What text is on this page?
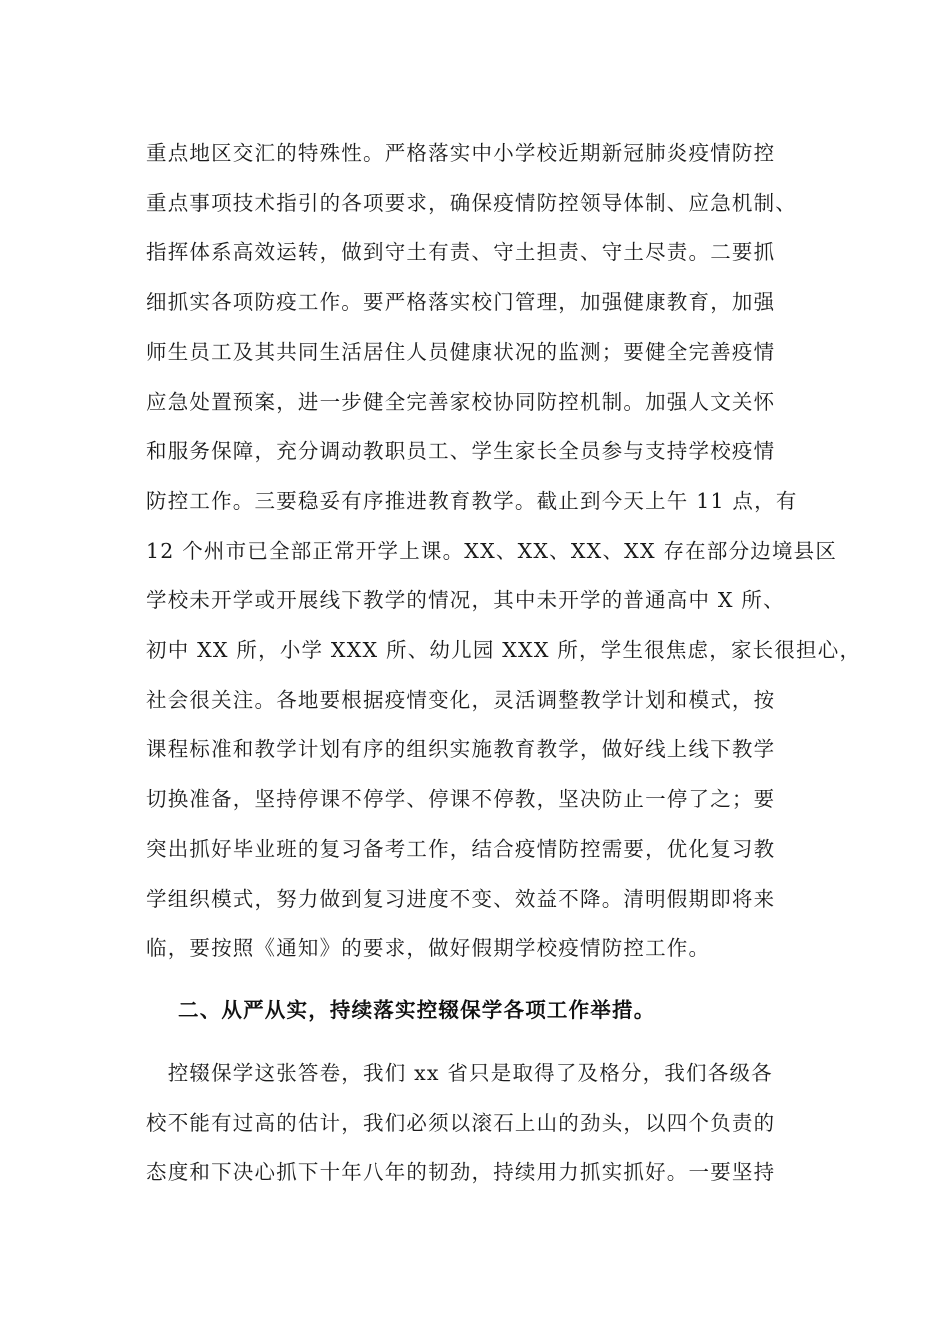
重点地区交汇的特殊性。严格落实中小学校近期新冠肺炎疫情防控
重点事项技术指引的各项要求，确保疫情防控领导体制、应急机制、
指挥体系高效运转，做到守土有责、守土担责、守土尽责。二要抓
细抓实各项防疫工作。要严格落实校门管理，加强健康教育，加强
师生员工及其共同生活居住人员健康状况的监测；要健全完善疫情
应急处置预案，进一步健全完善家校协同防控机制。加强人文关怀
和服务保障，充分调动教职员工、学生家长全员参与支持学校疫情
防控工作。三要稳妥有序推进教育教学。截止到今天上午 11 点，有
12 个州市已全部正常开学上课。XX、XX、XX、XX 存在部分边境县区
学校未开学或开展线下教学的情况，其中未开学的普通高中 X 所、
初中 XX 所，小学 XXX 所、幼儿园 XXX 所，学生很焦虑，家长很担心，
社会很关注。各地要根据疫情变化，灵活调整教学计划和模式，按
课程标准和教学计划有序的组织实施教育教学，做好线上线下教学
切换准备，坚持停课不停学、停课不停教，坚决防止一停了之；要
突出抓好毕业班的复习备考工作，结合疫情防控需要，优化复习教
学组织模式，努力做到复习进度不变、效益不降。清明假期即将来
临，要按照《通知》的要求，做好假期学校疫情防控工作。
二、从严从实，持续落实控辍保学各项工作举措。
　控辍保学这张答卷，我们 xx 省只是取得了及格分，我们各级各
校不能有过高的估计，我们必须以滚石上山的劲头，以四个负责的
态度和下决心抓下十年八年的韧劲，持续用力抓实抓好。一要坚持
